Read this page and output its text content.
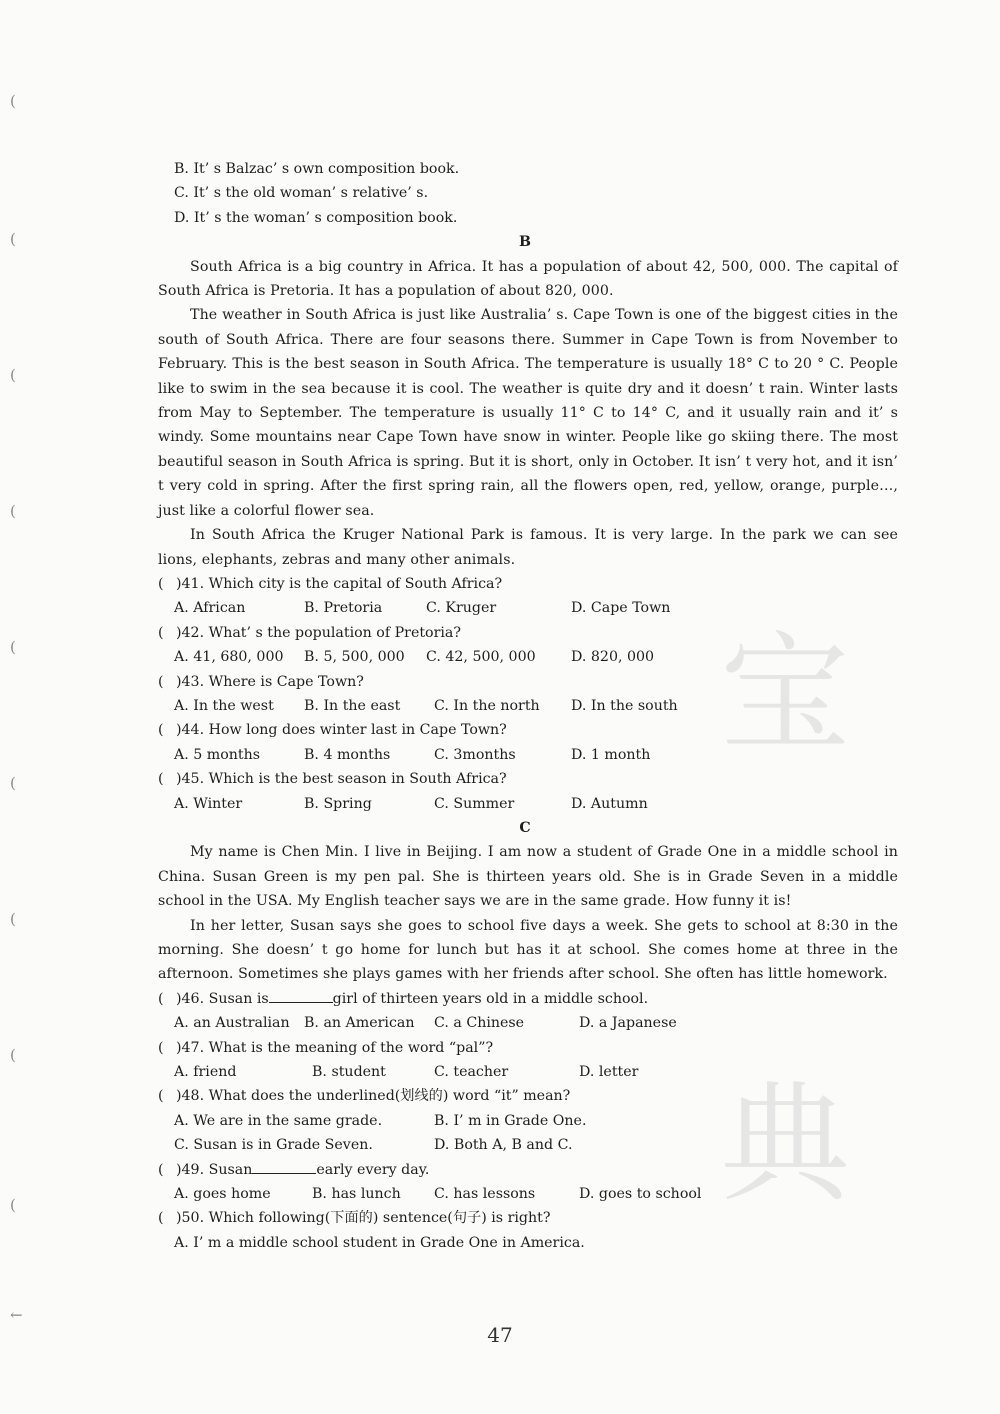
(
(
(
(
(
(
(
(
(
←
宝
典
B. It’ s Balzac’ s own composition book.
C. It’ s the old woman’ s relative’ s.
D. It’ s the woman’ s composition book.
B

South Africa is a big country in Africa. It has a population of about 42, 500, 000. The capital of South Africa is Pretoria. It has a population of about 820, 000.

The weather in South Africa is just like Australia’ s. Cape Town is one of the biggest cities in the south of South Africa. There are four seasons there. Summer in Cape Town is from November to February. This is the best season in South Africa. The temperature is usually 18° C to 20 ° C. People like to swim in the sea because it is cool. The weather is quite dry and it doesn’ t rain. Winter lasts from May to September. The temperature is usually 11° C to 14° C, and it usually rain and it’ s windy. Some mountains near Cape Town have snow in winter. People like go skiing there. The most beautiful season in South Africa is spring. But it is short, only in October. It isn’ t very hot, and it isn’ t very cold in spring. After the first spring rain, all the flowers open, red, yellow, orange, purple…, just like a colorful flower sea.

In South Africa the Kruger National Park is famous. It is very large. In the park we can see lions, elephants, zebras and many other animals.

( )41. Which city is the capital of South Africa?
A. African	B. Pretoria	C. Kruger	D. Cape Town
( )42. What’ s the population of Pretoria?
A. 41, 680, 000	B. 5, 500, 000	C. 42, 500, 000	D. 820, 000
( )43. Where is Cape Town?
A. In the west	B. In the east	C. In the north	D. In the south
( )44. How long does winter last in Cape Town?
A. 5 months	B. 4 months	C. 3months	D. 1 month
( )45. Which is the best season in South Africa?
A. Winter	B. Spring	C. Summer	D. Autumn
C

My name is Chen Min. I live in Beijing. I am now a student of Grade One in a middle school in China. Susan Green is my pen pal. She is thirteen years old. She is in Grade Seven in a middle school in the USA. My English teacher says we are in the same grade. How funny it is!

In her letter, Susan says she goes to school five days a week. She gets to school at 8:30 in the morning. She doesn’ t go home for lunch but has it at school. She comes home at three in the afternoon. Sometimes she plays games with her friends after school. She often has little homework.

( )46. Susan is	girl of thirteen years old in a middle school.
A. an Australian	B. an American	C. a Chinese	D. a Japanese
( )47. What is the meaning of the word “pal”?
A. friend	B. student	C. teacher	D. letter
( )48. What does the underlined(划线的) word “it” mean?
A. We are in the same grade.	B. I’ m in Grade One.
C. Susan is in Grade Seven.	D. Both A, B and C.
( )49. Susan	early every day.
A. goes home	B. has lunch	C. has lessons	D. goes to school
( )50. Which following(下面的) sentence(句子) is right?
A. I’ m a middle school student in Grade One in America.
47
